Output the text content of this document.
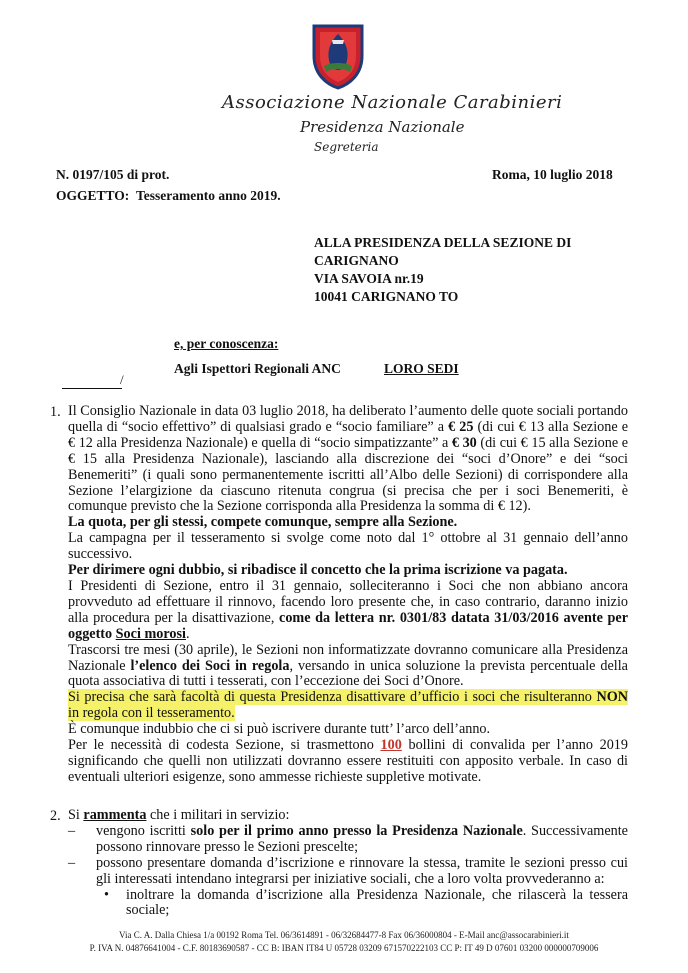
Associazione Nazionale Carabinieri
Presidenza Nazionale
Segreteria
N. 0197/105 di prot.	Roma, 10 luglio 2018
OGGETTO: Tesseramento anno 2019.
ALLA PRESIDENZA DELLA SEZIONE DI
CARIGNANO
VIA SAVOIA nr.19
10041 CARIGNANO TO
e, per conoscenza:
Agli Ispettori Regionali ANC	LORO SEDI
/
1. Il Consiglio Nazionale in data 03 luglio 2018, ha deliberato l’aumento delle quote sociali portando quella di “socio effettivo” di qualsiasi grado e “socio familiare” a € 25 (di cui € 13 alla Sezione e € 12 alla Presidenza Nazionale) e quella di “socio simpatizzante” a € 30 (di cui € 15 alla Sezione e € 15 alla Presidenza Nazionale), lasciando alla discrezione dei “soci d’Onore” e dei “soci Benemeriti” (i quali sono permanentemente iscritti all’Albo delle Sezioni) di corrispondere alla Sezione l’elargizione da ciascuno ritenuta congrua (si precisa che per i soci Benemeriti, è comunque previsto che la Sezione corrisponda alla Presidenza la somma di € 12).
La quota, per gli stessi, compete comunque, sempre alla Sezione.
La campagna per il tesseramento si svolge come noto dal 1° ottobre al 31 gennaio dell’anno successivo.
Per dirimere ogni dubbio, si ribadisce il concetto che la prima iscrizione va pagata.
I Presidenti di Sezione, entro il 31 gennaio, solleciteranno i Soci che non abbiano ancora provveduto ad effettuare il rinnovo, facendo loro presente che, in caso contrario, daranno inizio alla procedura per la disattivazione, come da lettera nr. 0301/83 datata 31/03/2016 avente per oggetto Soci morosi.
Trascorsi tre mesi (30 aprile), le Sezioni non informatizzate dovranno comunicare alla Presidenza Nazionale l’elenco dei Soci in regola, versando in unica soluzione la prevista percentuale della quota associativa di tutti i tesserati, con l’eccezione dei Soci d’Onore.
Si precisa che sarà facoltà di questa Presidenza disattivare d’ufficio i soci che risulteranno NON in regola con il tesseramento.
È comunque indubbio che ci si può iscrivere durante tutt’ l’arco dell’anno.
Per le necessità di codesta Sezione, si trasmettono 100 bollini di convalida per l’anno 2019 significando che quelli non utilizzati dovranno essere restituiti con apposito verbale. In caso di eventuali ulteriori esigenze, sono ammesse richieste suppletive motivate.
2. Si rammenta che i militari in servizio:
– vengono iscritti solo per il primo anno presso la Presidenza Nazionale. Successivamente possono rinnovare presso le Sezioni prescelte;
– possono presentare domanda d’iscrizione e rinnovare la stessa, tramite le sezioni presso cui gli interessati intendano integrarsi per iniziative sociali, che a loro volta provvederanno a:
• inoltrare la domanda d’iscrizione alla Presidenza Nazionale, che rilascerà la tessera sociale;
Via C. A. Dalla Chiesa 1/a 00192 Roma Tel. 06/3614891 - 06/32684477-8 Fax 06/36000804 - E-Mail anc@assocarabinieri.it
P. IVA N. 04876641004 - C.F. 80183690587 - CC B: IBAN IT84 U 05728 03209 671570222103 CC P: IT 49 D 07601 03200 000000709006
